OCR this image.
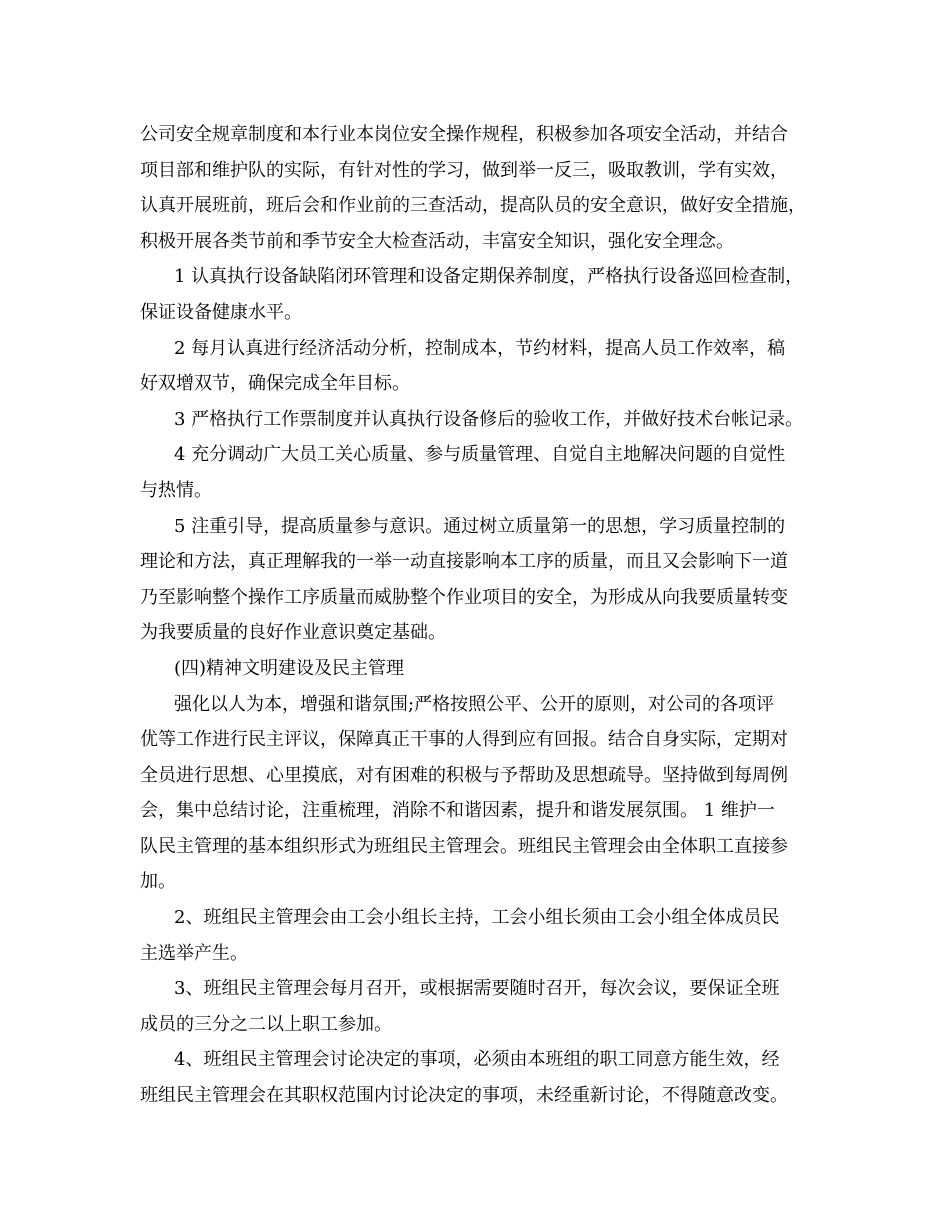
公司安全规章制度和本行业本岗位安全操作规程，积极参加各项安全活动，并结合
项目部和维护队的实际，有针对性的学习，做到举一反三，吸取教训，学有实效，
认真开展班前，班后会和作业前的三查活动，提高队员的安全意识，做好安全措施，
积极开展各类节前和季节安全大检查活动，丰富安全知识，强化安全理念。
1 认真执行设备缺陷闭环管理和设备定期保养制度，严格执行设备巡回检查制，
保证设备健康水平。
2 每月认真进行经济活动分析，控制成本，节约材料，提高人员工作效率，稿
好双增双节，确保完成全年目标。
3 严格执行工作票制度并认真执行设备修后的验收工作，并做好技术台帐记录。
4 充分调动广大员工关心质量、参与质量管理、自觉自主地解决问题的自觉性
与热情。
5 注重引导，提高质量参与意识。通过树立质量第一的思想，学习质量控制的
理论和方法，真正理解我的一举一动直接影响本工序的质量，而且又会影响下一道
乃至影响整个操作工序质量而威胁整个作业项目的安全，为形成从向我要质量转变
为我要质量的良好作业意识奠定基础。
(四)精神文明建设及民主管理
强化以人为本，增强和谐氛围;严格按照公平、公开的原则，对公司的各项评
优等工作进行民主评议，保障真正干事的人得到应有回报。结合自身实际，定期对
全员进行思想、心里摸底，对有困难的积极与予帮助及思想疏导。坚持做到每周例
会，集中总结讨论，注重梳理，消除不和谐因素，提升和谐发展氛围。 1 维护一
队民主管理的基本组织形式为班组民主管理会。班组民主管理会由全体职工直接参
加。
2、班组民主管理会由工会小组长主持，工会小组长须由工会小组全体成员民
主选举产生。
3、班组民主管理会每月召开，或根据需要随时召开，每次会议，要保证全班
成员的三分之二以上职工参加。
4、班组民主管理会讨论决定的事项，必须由本班组的职工同意方能生效，经
班组民主管理会在其职权范围内讨论决定的事项，未经重新讨论，不得随意改变。
